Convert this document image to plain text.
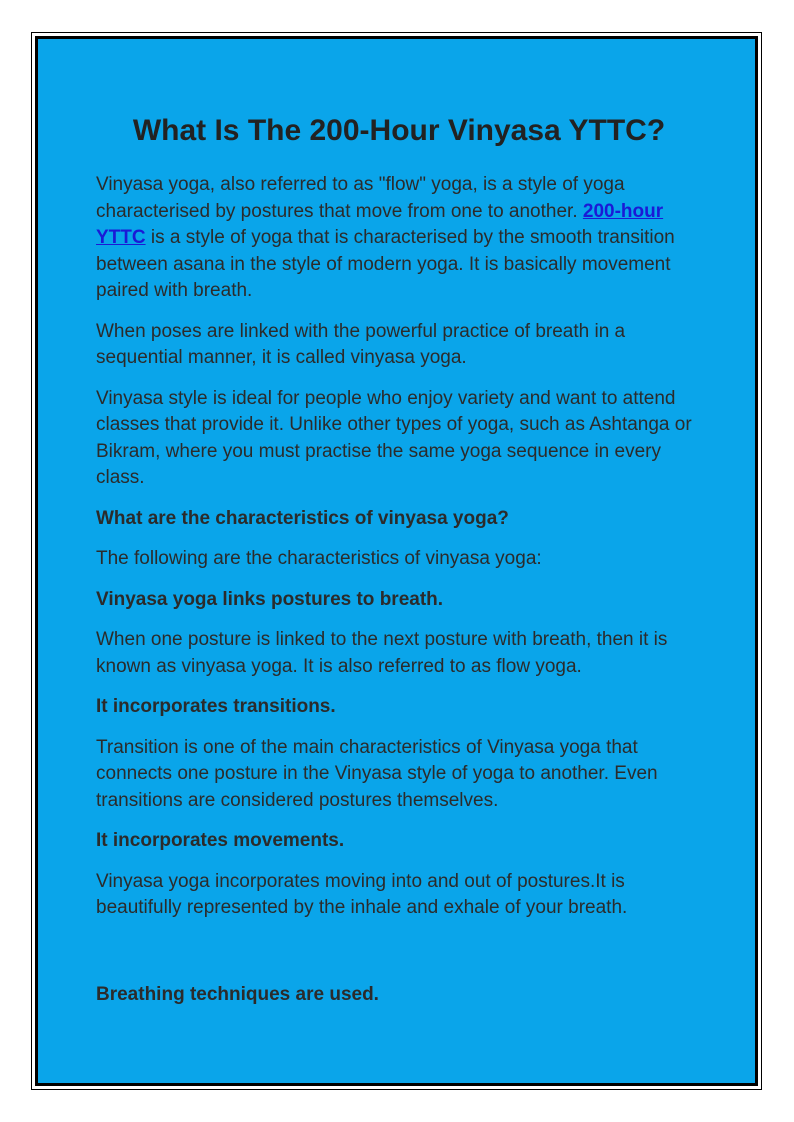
What Is The 200-Hour Vinyasa YTTC?

Vinyasa yoga, also referred to as "flow" yoga, is a style of yoga characterised by postures that move from one to another. 200-hour YTTC is a style of yoga that is characterised by the smooth transition between asana in the style of modern yoga. It is basically movement paired with breath.

When poses are linked with the powerful practice of breath in a sequential manner, it is called vinyasa yoga.

Vinyasa style is ideal for people who enjoy variety and want to attend classes that provide it. Unlike other types of yoga, such as Ashtanga or Bikram, where you must practise the same yoga sequence in every class.

What are the characteristics of vinyasa yoga?

The following are the characteristics of vinyasa yoga:

Vinyasa yoga links postures to breath.

When one posture is linked to the next posture with breath, then it is known as vinyasa yoga. It is also referred to as flow yoga.

It incorporates transitions.

Transition is one of the main characteristics of Vinyasa yoga that connects one posture in the Vinyasa style of yoga to another. Even transitions are considered postures themselves.

It incorporates movements.

Vinyasa yoga incorporates moving into and out of postures.It is beautifully represented by the inhale and exhale of your breath.

Breathing techniques are used.
